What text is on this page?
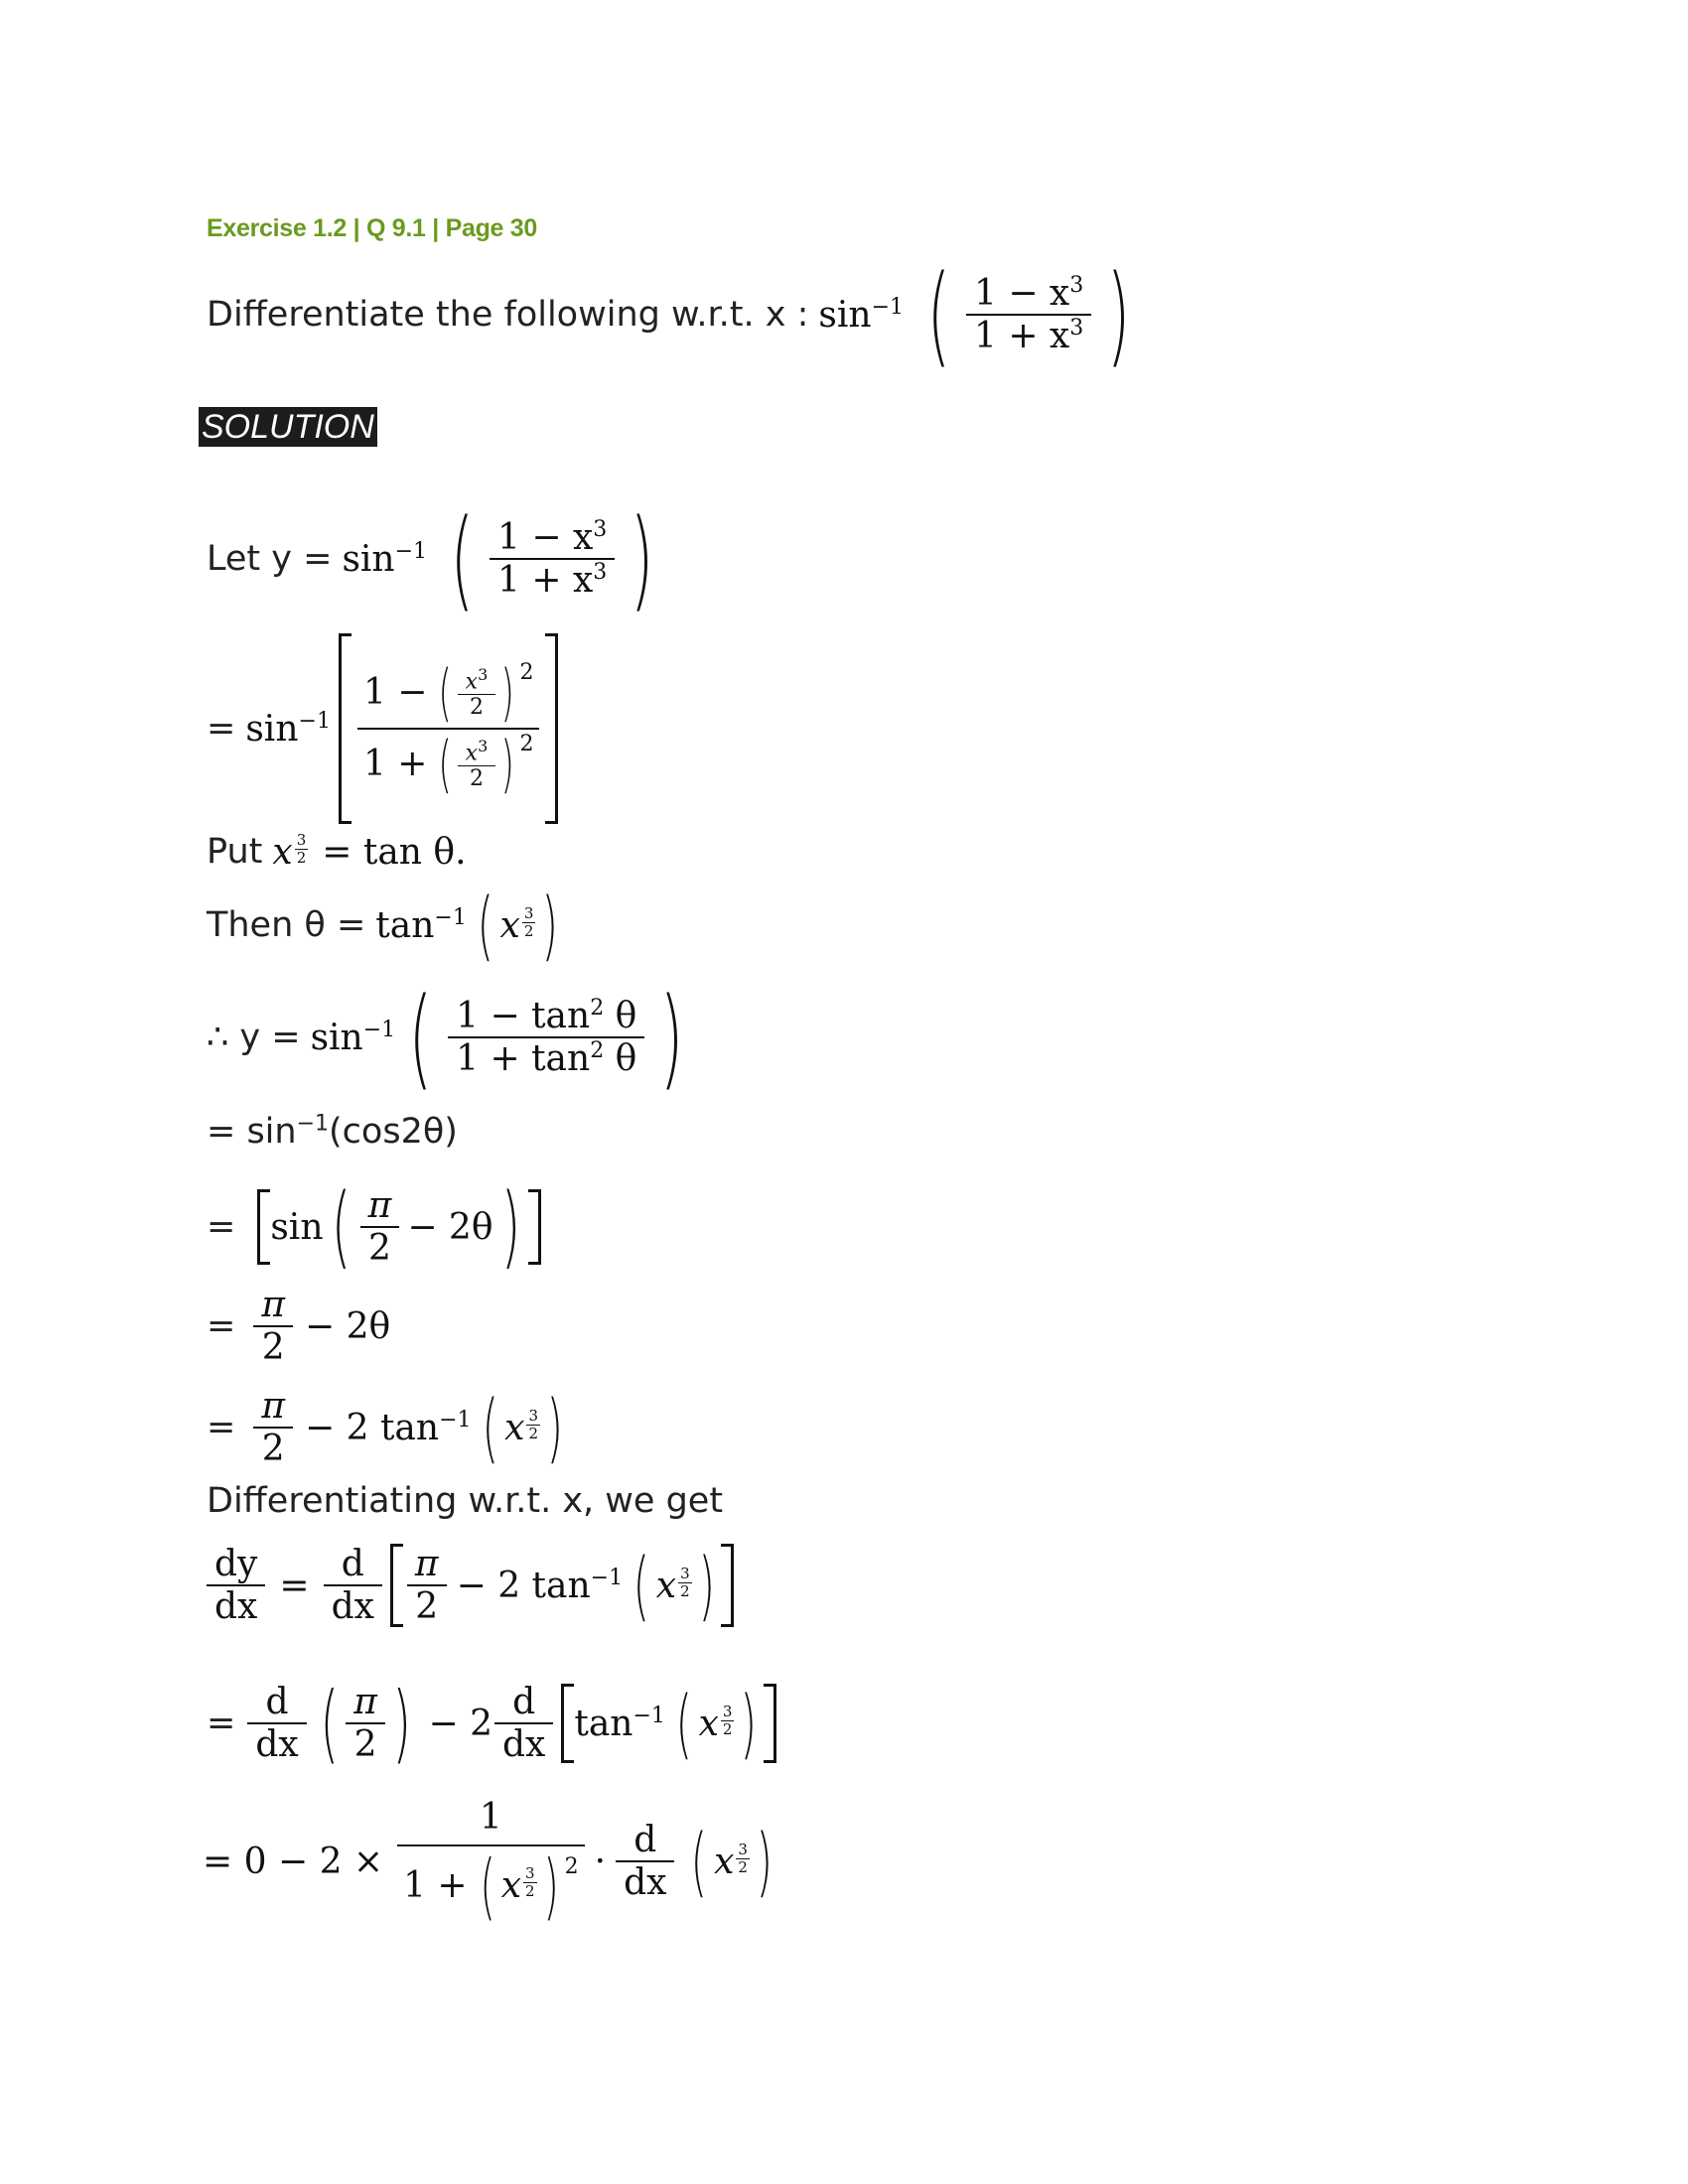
Exercise 1.2 | Q 9.1 | Page 30
Differentiate the following w.r.t. x : $\sin^{-1}$ ( $\frac{1 - x^3}{1 + x^3}$ )
SOLUTION
Let $y = \sin^{-1}$ ( $\frac{1 - x^3}{1 + x^3}$ )
= $\sin^{-1} \frac{1 - ( \frac{x^3}{2} ) 2}{1 + ( \frac{x^3}{2} ) 2}$
Put x $\frac{3}{2} = \tan \theta$.
Then $\theta = \tan^{-1}$ ( x $\frac{3}{2}$ )
∴ $y = \sin^{-1}$ ( $\frac{1 - \tan^2 \theta}{1 + \tan^2 \theta}$ )
= $\sin^{-1}(\cos 2\theta)$
= sin ( $\frac{\pi}{2} - 2\theta$ )
= $\frac{\pi}{2} - 2\theta$
= $\frac{\pi}{2} - 2$ $\tan^{-1}$ ( x $\frac{3}{2}$ )
Differentiating w.r.t. x, we get
$\frac{dy}{dx} = \frac{d}{dx} \frac{\pi}{2} - 2$ $\tan^{-1}$ ( x $\frac{3}{2}$ )
= $\frac{d}{dx}$ ( $\frac{\pi}{2}$ ) − $2 \frac{d}{dx} \tan^{-1}$ ( x $\frac{3}{2}$ )
= $0 - 2 \times \frac{1}{1 + ( x \frac{3}{2} ) 2} \cdot \frac{d}{dx}$ ( x $\frac{3}{2}$ )
